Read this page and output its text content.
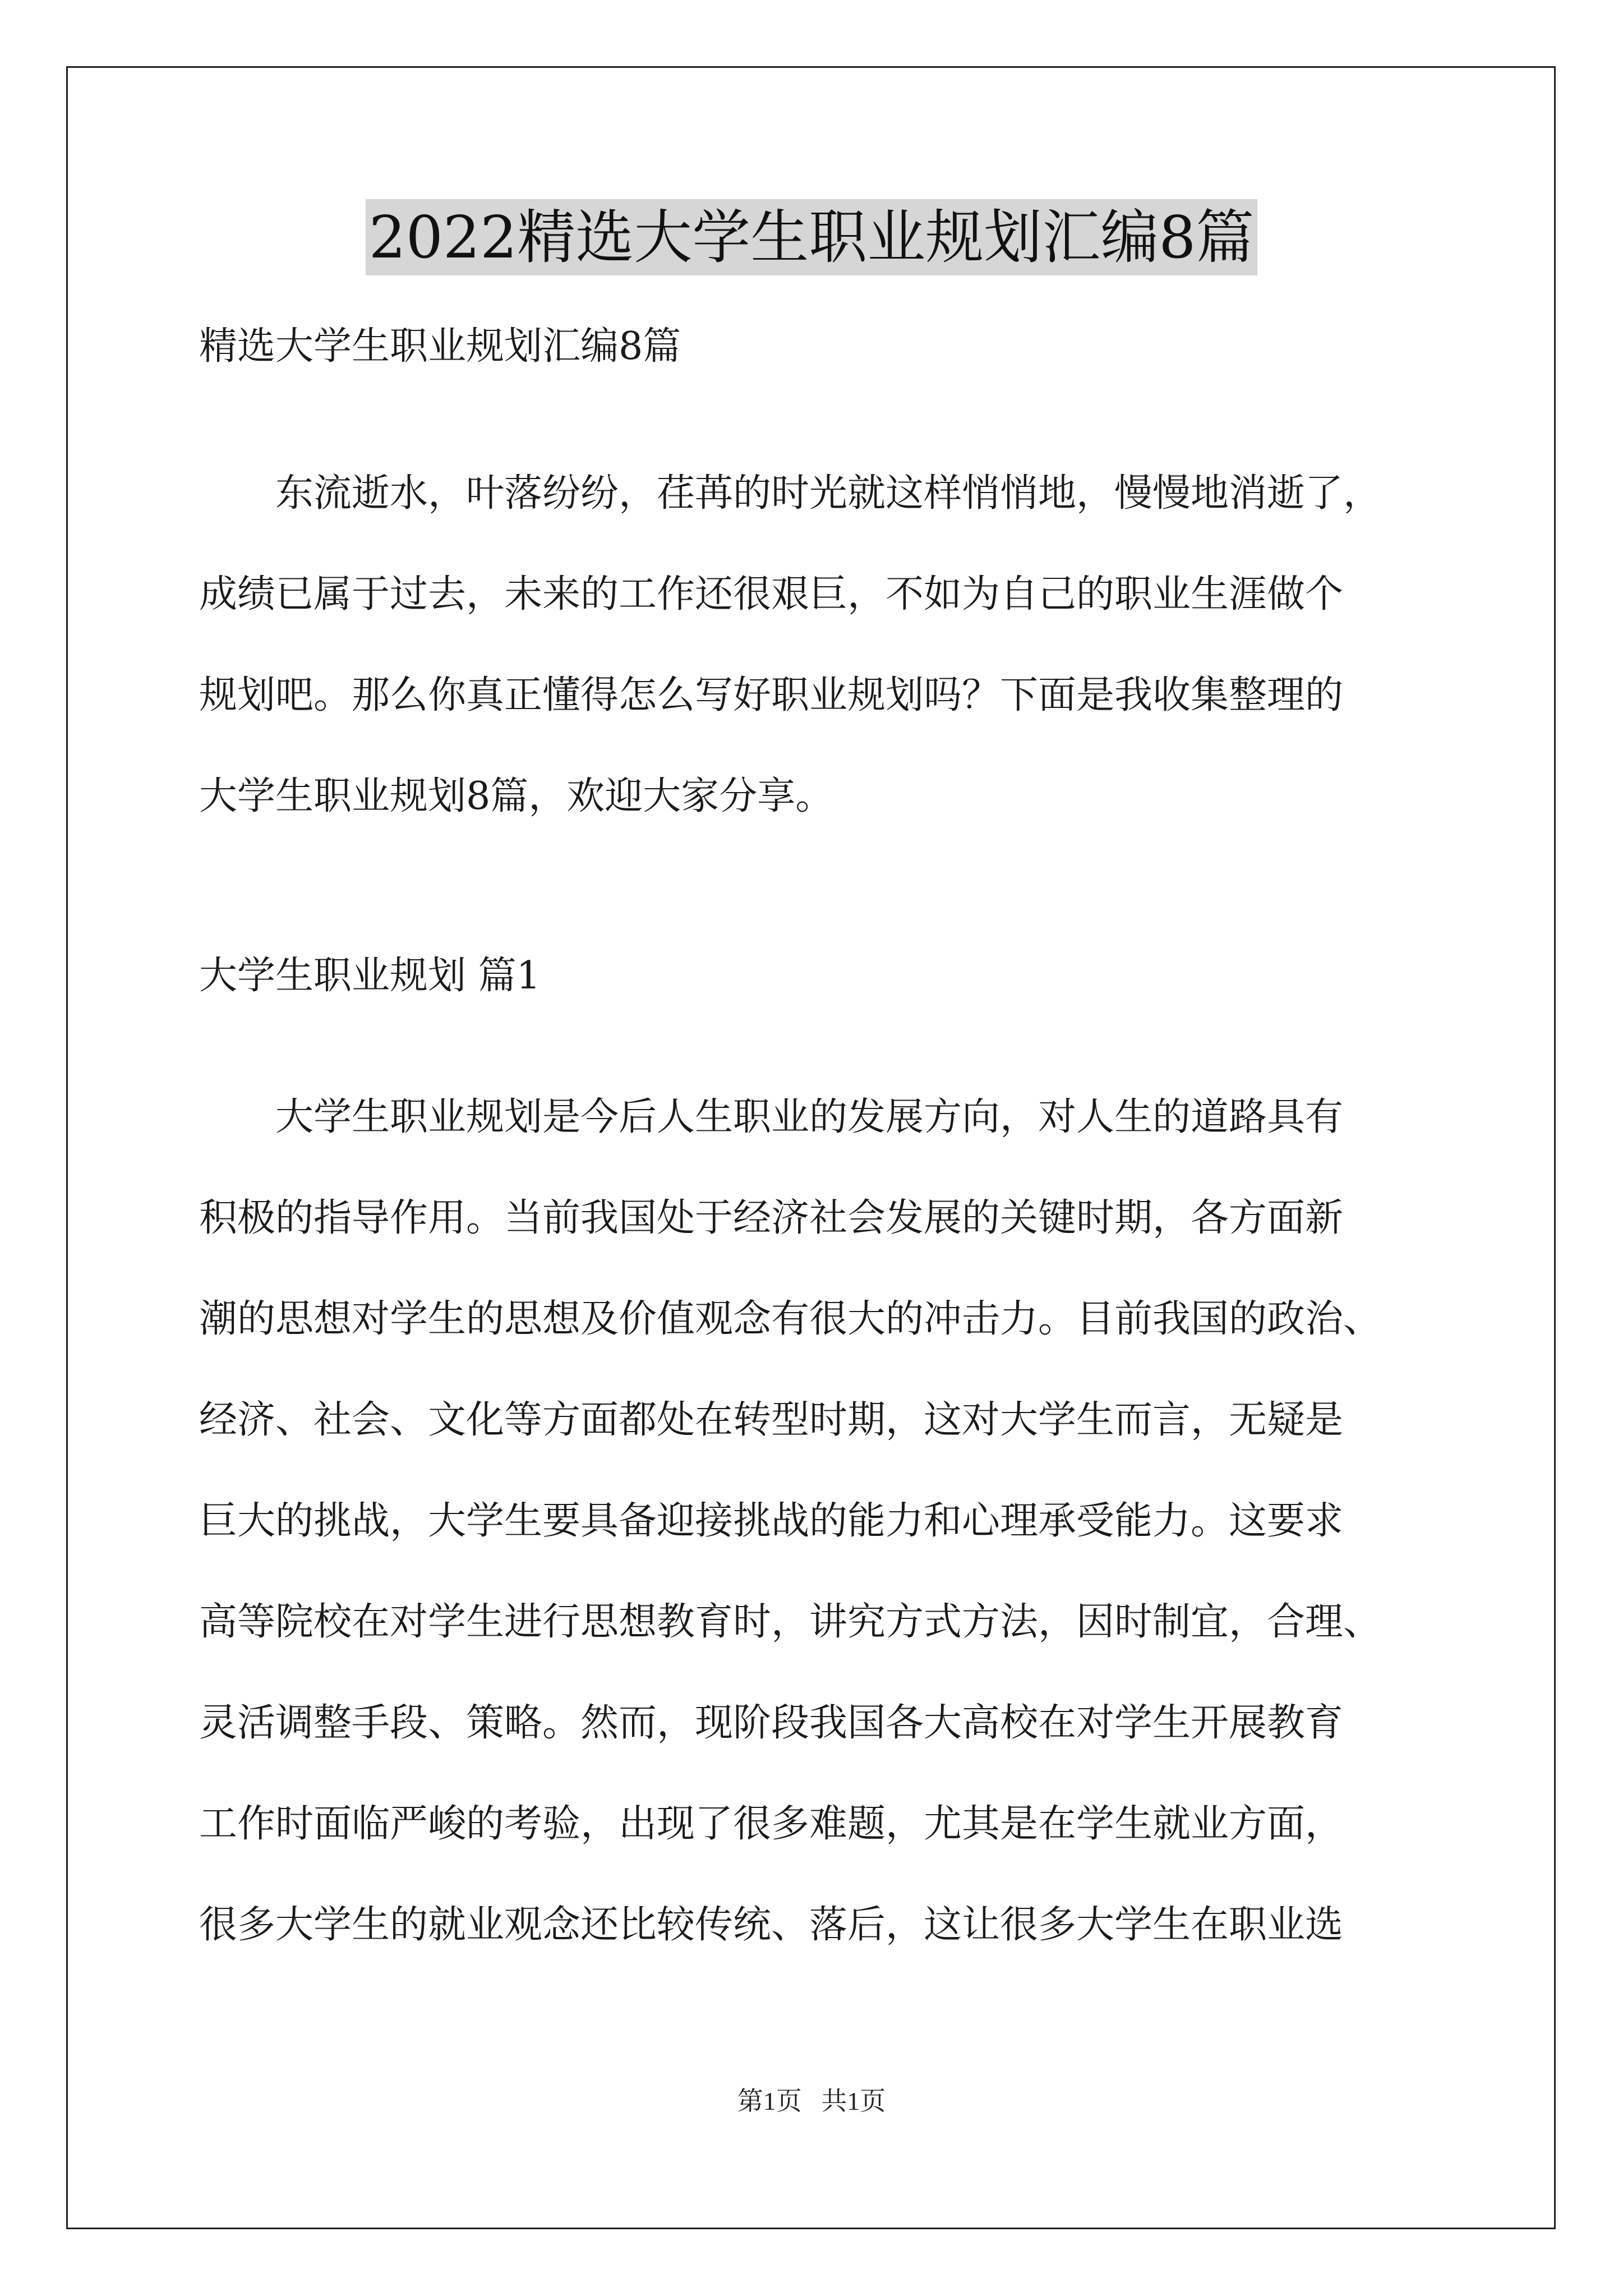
2022精选大学生职业规划汇编8篇
精选大学生职业规划汇编8篇
东流逝水，叶落纷纷，荏苒的时光就这样悄悄地，慢慢地消逝了，
成绩已属于过去，未来的工作还很艰巨，不如为自己的职业生涯做个
规划吧。那么你真正懂得怎么写好职业规划吗？下面是我收集整理的
大学生职业规划8篇，欢迎大家分享。
大学生职业规划 篇1
大学生职业规划是今后人生职业的发展方向，对人生的道路具有
积极的指导作用。当前我国处于经济社会发展的关键时期，各方面新
潮的思想对学生的思想及价值观念有很大的冲击力。目前我国的政治、
经济、社会、文化等方面都处在转型时期，这对大学生而言，无疑是
巨大的挑战，大学生要具备迎接挑战的能力和心理承受能力。这要求
高等院校在对学生进行思想教育时，讲究方式方法，因时制宜，合理、
灵活调整手段、策略。然而，现阶段我国各大高校在对学生开展教育
工作时面临严峻的考验，出现了很多难题，尤其是在学生就业方面，
很多大学生的就业观念还比较传统、落后，这让很多大学生在职业选
第1页   共1页
